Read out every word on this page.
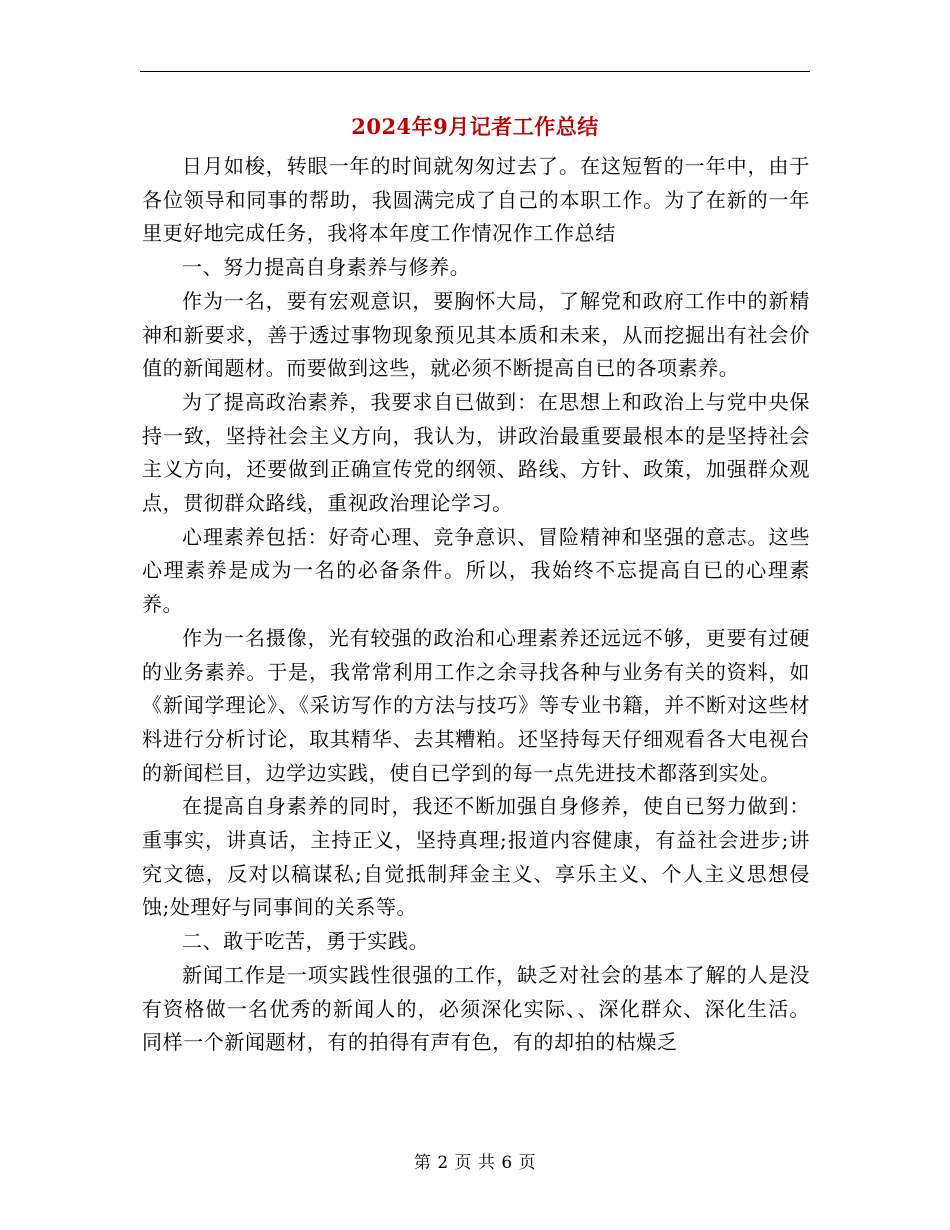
2024年9月记者工作总结

日月如梭，转眼一年的时间就匆匆过去了。在这短暂的一年中，由于各位领导和同事的帮助，我圆满完成了自己的本职工作。为了在新的一年里更好地完成任务，我将本年度工作情况作工作总结

一、努力提高自身素养与修养。

作为一名，要有宏观意识，要胸怀大局，了解党和政府工作中的新精神和新要求，善于透过事物现象预见其本质和未来，从而挖掘出有社会价值的新闻题材。而要做到这些，就必须不断提高自已的各项素养。

为了提高政治素养，我要求自已做到：在思想上和政治上与党中央保持一致，坚持社会主义方向，我认为，讲政治最重要最根本的是坚持社会主义方向，还要做到正确宣传党的纲领、路线、方针、政策，加强群众观点，贯彻群众路线，重视政治理论学习。

心理素养包括：好奇心理、竞争意识、冒险精神和坚强的意志。这些心理素养是成为一名的必备条件。所以，我始终不忘提高自已的心理素养。

作为一名摄像，光有较强的政治和心理素养还远远不够，更要有过硬的业务素养。于是，我常常利用工作之余寻找各种与业务有关的资料，如《新闻学理论》、《采访写作的方法与技巧》等专业书籍，并不断对这些材料进行分析讨论，取其精华、去其糟粕。还坚持每天仔细观看各大电视台的新闻栏目，边学边实践，使自已学到的每一点先进技术都落到实处。

在提高自身素养的同时，我还不断加强自身修养，使自已努力做到：重事实，讲真话，主持正义，坚持真理;报道内容健康，有益社会进步;讲究文德，反对以稿谋私;自觉抵制拜金主义、享乐主义、个人主义思想侵蚀;处理好与同事间的关系等。

二、敢于吃苦，勇于实践。

新闻工作是一项实践性很强的工作，缺乏对社会的基本了解的人是没有资格做一名优秀的新闻人的，必须深化实际、、深化群众、深化生活。同样一个新闻题材，有的拍得有声有色，有的却拍的枯燥乏

第 2 页 共 6 页
